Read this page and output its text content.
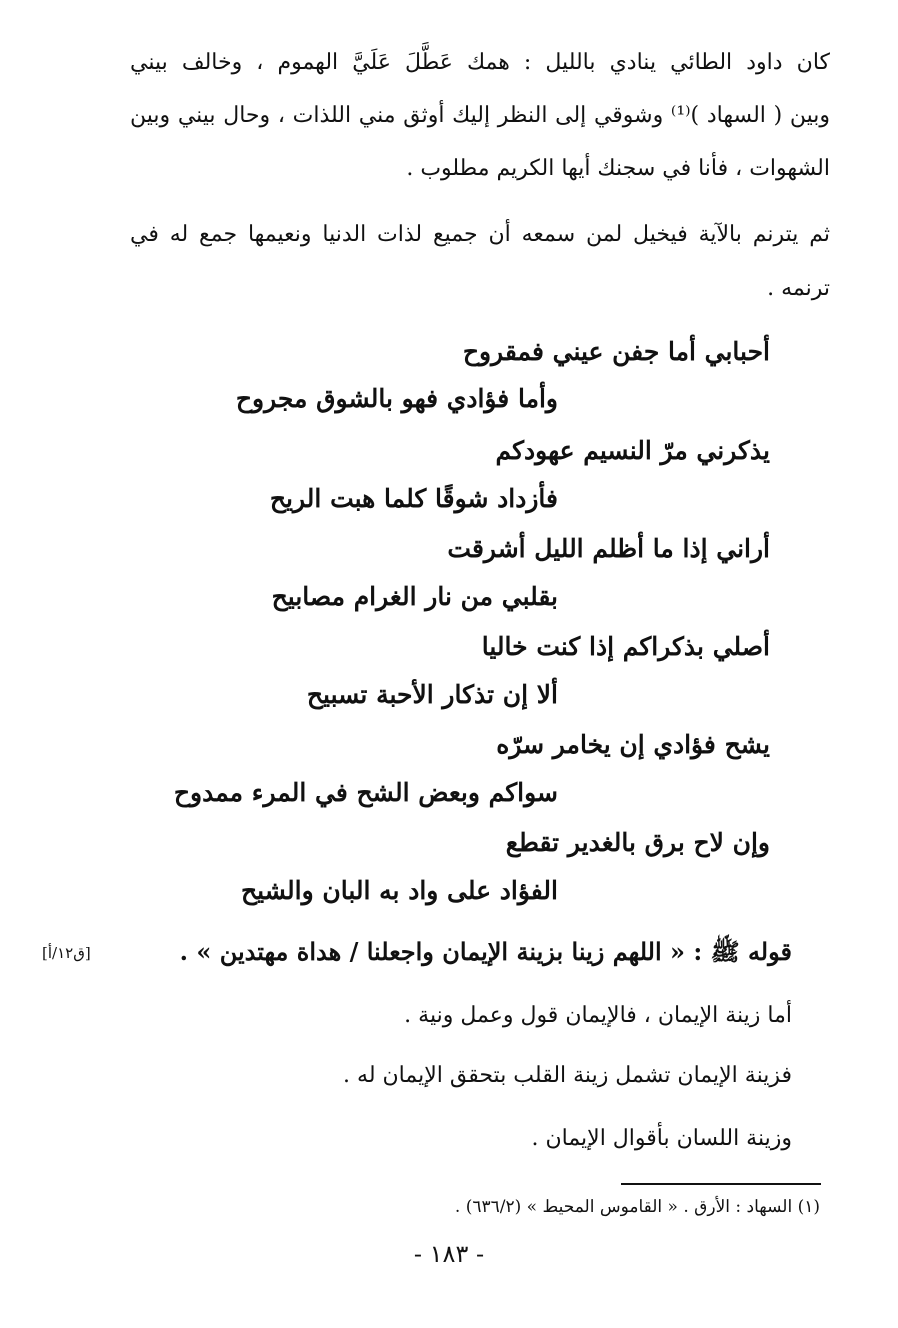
كان داود الطائي ينادي بالليل : همك عَطَّلَ عَلَيَّ الهموم ، وخالف بيني
وبين ( السهاد )⁽¹⁾ وشوقي إلى النظر إليك أوثق مني اللذات ، وحال بيني وبين
الشهوات ، فأنا في سجنك أيها الكريم مطلوب .
ثم يترنم بالآية فيخيل لمن سمعه أن جميع لذات الدنيا ونعيمها جمع له في
ترنمه .
أحبابي أما جفن عيني فمقروح
وأما فؤادي فهو بالشوق مجروح
يذكرني مرّ النسيم عهودكم
فأزداد شوقًا كلما هبت الريح
أراني إذا ما أظلم الليل أشرقت
بقلبي من نار الغرام مصابيح
أصلي بذكراكم إذا كنت خاليا
ألا إن تذكار الأحبة تسبيح
يشح فؤادي إن يخامر سرّه
سواكم وبعض الشح في المرء ممدوح
وإن لاح برق بالغدير تقطع
الفؤاد على واد به البان والشيح
قوله ﷺ : « اللهم زينا بزينة الإيمان واجعلنا / هداة مهتدين » .
[ق١٢/أ]
أما زينة الإيمان ، فالإيمان قول وعمل ونية .
فزينة الإيمان تشمل زينة القلب بتحقق الإيمان له .
وزينة اللسان بأقوال الإيمان .
(١) السهاد : الأرق . « القاموس المحيط » (٦٣٦/٢) .
- ١٨٣ -
